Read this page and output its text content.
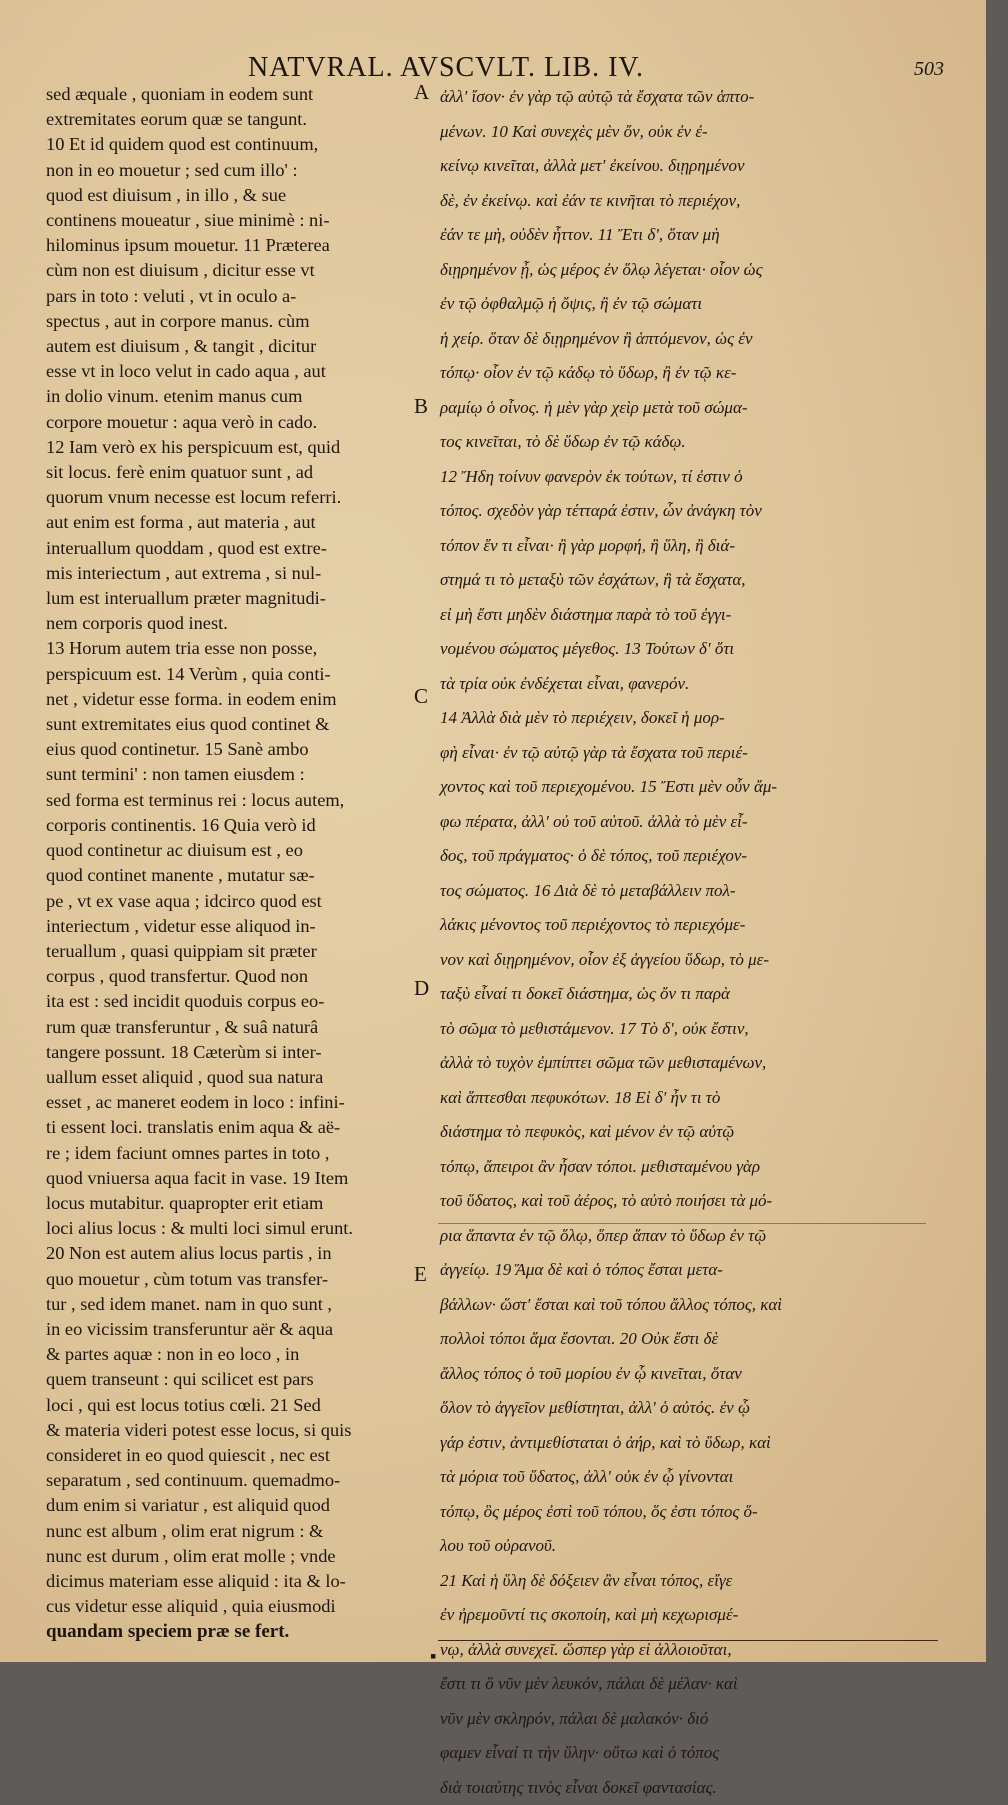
NATVRAL. AVSCVLT. LIB. IV.	503
sed æquale , quoniam in eodem sunt
extremitates eorum quæ se tangunt.
10 Et id quidem quod est continuum,
non in eo mouetur ; sed cum illo' :
quod est diuisum , in illo , & sue
continens moueatur , siue minimè : ni-
hilominus ipsum mouetur. 11 Præterea
cùm non est diuisum , dicitur esse vt
pars in toto : veluti , vt in oculo a-
spectus , aut in corpore manus. cùm
autem est diuisum , & tangit , dicitur
esse vt in loco velut in cado aqua , aut
in dolio vinum. etenim manus cum
corpore mouetur : aqua verò in cado.
12 Iam verò ex his perspicuum est, quid
sit locus. ferè enim quatuor sunt , ad
quorum vnum necesse est locum referri.
aut enim est forma , aut materia , aut
interuallum quoddam , quod est extre-
mis interiectum , aut extrema , si nul-
lum est interuallum præter magnitudi-
nem corporis quod inest.
13 Horum autem tria esse non posse,
perspicuum est. 14 Verùm , quia conti-
net , videtur esse forma. in eodem enim
sunt extremitates eius quod continet &
eius quod continetur. 15 Sanè ambo
sunt termini' : non tamen eiusdem :
sed forma est terminus rei : locus autem,
corporis continentis. 16 Quia verò id
quod continetur ac diuisum est , eo
quod continet manente , mutatur sæ-
pe , vt ex vase aqua ; idcirco quod est
interiectum , videtur esse aliquod in-
teruallum , quasi quippiam sit præter
corpus , quod transfertur. Quod non
ita est : sed incidit quoduis corpus eo-
rum quæ transferuntur , & suâ naturâ
tangere possunt. 18 Cæterùm si inter-
uallum esset aliquid , quod sua natura
esset , ac maneret eodem in loco : infini-
ti essent loci. translatis enim aqua & aë-
re ; idem faciunt omnes partes in toto ,
quod vniuersa aqua facit in vase. 19 Item
locus mutabitur. quapropter erit etiam
loci alius locus : & multi loci simul erunt.
20 Non est autem alius locus partis , in
quo mouetur , cùm totum vas transfer-
tur , sed idem manet. nam in quo sunt ,
in eo vicissim transferuntur aër & aqua
& partes aquæ : non in eo loco , in
quem transeunt : qui scilicet est pars
loci , qui est locus totius cœli. 21 Sed
& materia videri potest esse locus, si quis
consideret in eo quod quiescit , nec est
separatum , sed continuum. quemadmo-
dum enim si variatur , est aliquid quod
nunc est album , olim erat nigrum : &
nunc est durum , olim erat molle ; vnde
dicimus materiam esse aliquid : ita & lo-
cus videtur esse aliquid , quia eiusmodi
quandam speciem præ se fert.
A
B
C
D
E
ἀλλ' ἴσον· ἐν γὰρ τῷ αὐτῷ τὰ ἔσχατα τῶν ἁπτο-
μένων. 10 Καὶ συνεχὲς μὲν ὄν, οὐκ ἐν ἐ-
κείνῳ κινεῖται, ἀλλὰ μετ' ἐκείνου. διῃρημένον
δὲ, ἐν ἐκείνῳ. καὶ ἐάν τε κινῆται τὸ περιέχον,
ἐάν τε μὴ, οὐδὲν ἧττον. 11 Ἔτι δ', ὅταν μὴ
διῃρημένον ᾖ, ὡς μέρος ἐν ὅλῳ λέγεται· οἷον ὡς
ἐν τῷ ὀφθαλμῷ ἡ ὄψις, ἢ ἐν τῷ σώματι
ἡ χείρ. ὅταν δὲ διῃρημένον ἢ ἁπτόμενον, ὡς ἐν
τόπῳ· οἷον ἐν τῷ κάδῳ τὸ ὕδωρ, ἢ ἐν τῷ κε-
ραμίῳ ὁ οἶνος. ἡ μὲν γὰρ χεὶρ μετὰ τοῦ σώμα-
τος κινεῖται, τὸ δὲ ὕδωρ ἐν τῷ κάδῳ.
12 Ἤδη τοίνυν φανερὸν ἐκ τούτων, τί ἐστιν ὁ
τόπος. σχεδὸν γὰρ τέτταρά ἐστιν, ὧν ἀνάγκη τὸν
τόπον ἕν τι εἶναι· ἢ γὰρ μορφή, ἢ ὕλη, ἢ διά-
στημά τι τὸ μεταξὺ τῶν ἐσχάτων, ἢ τὰ ἔσχατα,
εἰ μὴ ἔστι μηδὲν διάστημα παρὰ τὸ τοῦ ἐγγι-
νομένου σώματος μέγεθος. 13 Τούτων δ' ὅτι
τὰ τρία οὐκ ἐνδέχεται εἶναι, φανερόν.
14 Ἀλλὰ διὰ μὲν τὸ περιέχειν, δοκεῖ ἡ μορ-
φὴ εἶναι· ἐν τῷ αὐτῷ γὰρ τὰ ἔσχατα τοῦ περιέ-
χοντος καὶ τοῦ περιεχομένου. 15 Ἔστι μὲν οὖν ἄμ-
φω πέρατα, ἀλλ' οὐ τοῦ αὐτοῦ. ἀλλὰ τὸ μὲν εἶ-
δος, τοῦ πράγματος· ὁ δὲ τόπος, τοῦ περιέχον-
τος σώματος. 16 Διὰ δὲ τὸ μεταβάλλειν πολ-
λάκις μένοντος τοῦ περιέχοντος τὸ περιεχόμε-
νον καὶ διῃρημένον, οἷον ἐξ ἀγγείου ὕδωρ, τὸ με-
ταξὺ εἶναί τι δοκεῖ διάστημα, ὡς ὄν τι παρὰ
τὸ σῶμα τὸ μεθιστάμενον. 17 Τὸ δ', οὐκ ἔστιν,
ἀλλὰ τὸ τυχὸν ἐμπίπτει σῶμα τῶν μεθισταμένων,
καὶ ἅπτεσθαι πεφυκότων. 18 Εἰ δ' ἦν τι τὸ
διάστημα τὸ πεφυκὸς, καὶ μένον ἐν τῷ αὐτῷ
τόπῳ, ἄπειροι ἂν ἦσαν τόποι. μεθισταμένου γὰρ
τοῦ ὕδατος, καὶ τοῦ ἀέρος, τὸ αὐτὸ ποιήσει τὰ μό-
ρια ἅπαντα ἐν τῷ ὅλῳ, ὅπερ ἅπαν τὸ ὕδωρ ἐν τῷ
ἀγγείῳ. 19 Ἅμα δὲ καὶ ὁ τόπος ἔσται μετα-
βάλλων· ὥστ' ἔσται καὶ τοῦ τόπου ἄλλος τόπος, καὶ
πολλοὶ τόποι ἅμα ἔσονται. 20 Οὐκ ἔστι δὲ
ἄλλος τόπος ὁ τοῦ μορίου ἐν ᾧ κινεῖται, ὅταν
ὅλον τὸ ἀγγεῖον μεθίστηται, ἀλλ' ὁ αὐτός. ἐν ᾧ
γάρ ἐστιν, ἀντιμεθίσταται ὁ ἀήρ, καὶ τὸ ὕδωρ, καὶ
τὰ μόρια τοῦ ὕδατος, ἀλλ' οὐκ ἐν ᾧ γίνονται
τόπῳ, ὃς μέρος ἐστὶ τοῦ τόπου, ὅς ἐστι τόπος ὅ-
λου τοῦ οὐρανοῦ.
21 Καὶ ἡ ὕλη δὲ δόξειεν ἂν εἶναι τόπος, εἴγε
ἐν ἠρεμοῦντί τις σκοποίη, καὶ μὴ κεχωρισμέ-
νῳ, ἀλλὰ συνεχεῖ. ὥσπερ γὰρ εἰ ἀλλοιοῦται,
ἔστι τι ὃ νῦν μὲν λευκόν, πάλαι δὲ μέλαν· καὶ
νῦν μὲν σκληρόν, πάλαι δὲ μαλακόν· διό
φαμεν εἶναί τι τὴν ὕλην· οὕτω καὶ ὁ τόπος
διὰ τοιαύτης τινὸς εἶναι δοκεῖ φαντασίας.
▪
